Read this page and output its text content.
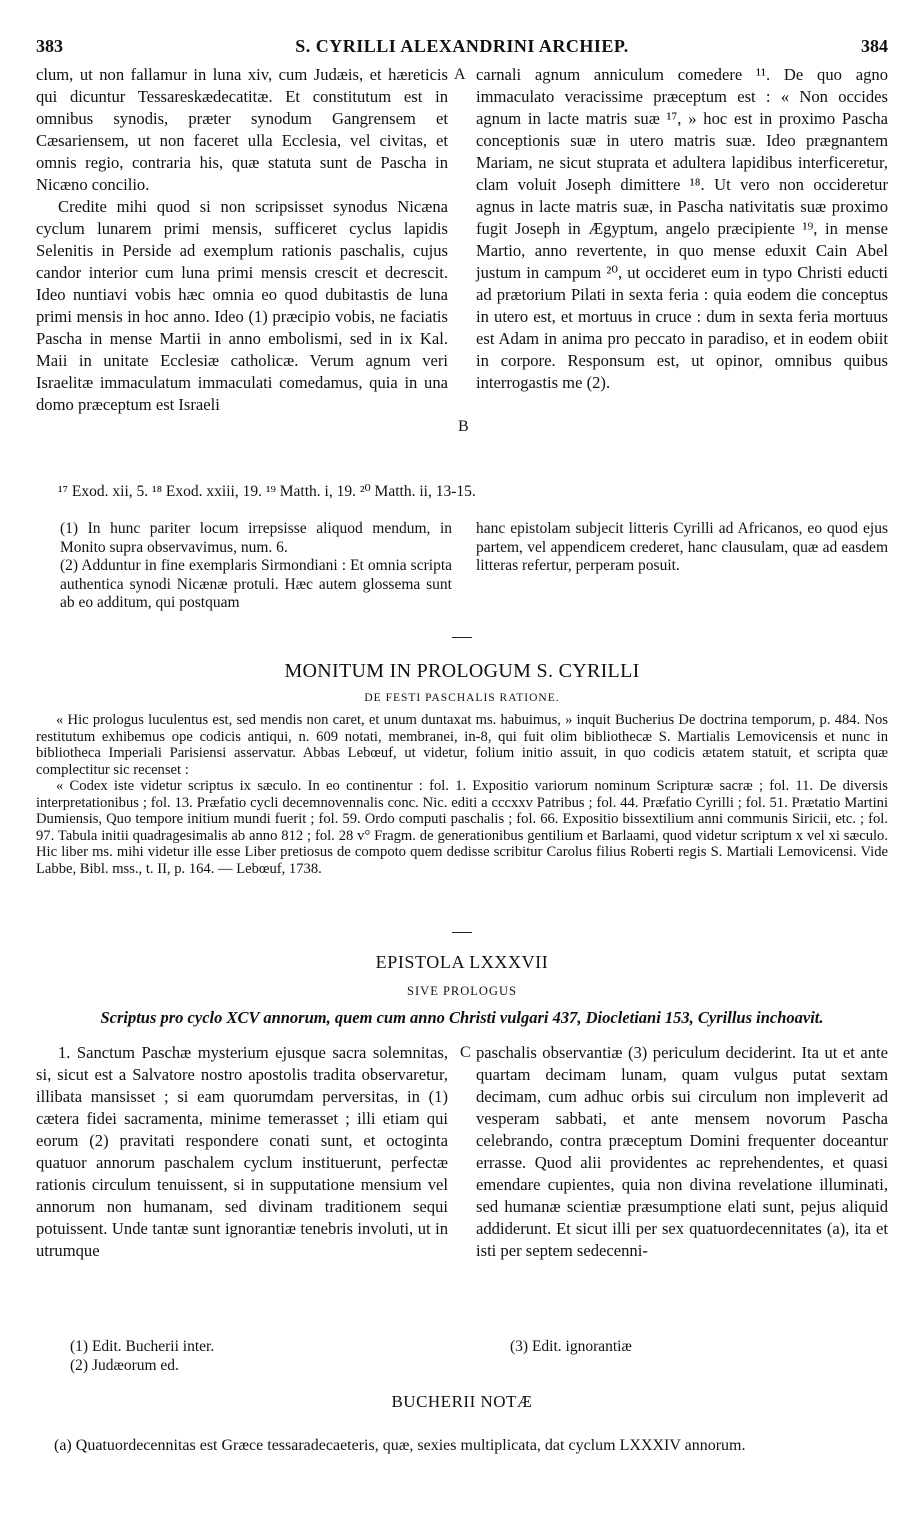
383	S. CYRILLI ALEXANDRINI ARCHIEP.	384

clum, ut non fallamur in luna xiv, cum Judæis, et hæreticis qui dicuntur Tessareskædecatitæ. Et constitutum est in omnibus synodis, præter synodum Gangrensem et Cæsariensem, ut non faceret ulla Ecclesia, vel civitas, et omnis regio, contraria his, quæ statuta sunt de Pascha in Nicæno concilio.

Credite mihi quod si non scripsisset synodus Nicæna cyclum lunarem primi mensis, sufficeret cyclus lapidis Selenitis in Perside ad exemplum rationis paschalis, cujus candor interior cum luna primi mensis crescit et decrescit. Ideo nuntiavi vobis hæc omnia eo quod dubitastis de luna primi mensis in hoc anno. Ideo (1) præcipio vobis, ne faciatis Pascha in mense Martii in anno embolismi, sed in ix Kal. Maii in unitate Ecclesiæ catholicæ. Verum agnum veri Israelitæ immaculatum immaculati comedamus, quia in una domo præceptum est Israeli

A
B

carnali agnum anniculum comedere ¹¹. De quo agno immaculato veracissime præceptum est : « Non occides agnum in lacte matris suæ ¹⁷, » hoc est in proximo Pascha conceptionis suæ in utero matris suæ. Ideo prægnantem Mariam, ne sicut stuprata et adultera lapidibus interficeretur, clam voluit Joseph dimittere ¹⁸. Ut vero non occideretur agnus in lacte matris suæ, in Pascha nativitatis suæ proximo fugit Joseph in Ægyptum, angelo præcipiente ¹⁹, in mense Martio, anno revertente, in quo mense eduxit Cain Abel justum in campum ²⁰, ut occideret eum in typo Christi educti ad prætorium Pilati in sexta feria : quia eodem die conceptus in utero est, et mortuus in cruce : dum in sexta feria mortuus est Adam in anima pro peccato in paradiso, et in eodem obiit in corpore. Responsum est, ut opinor, omnibus quibus interrogastis me (2).

¹⁷ Exod. xii, 5. ¹⁸ Exod. xxiii, 19. ¹⁹ Matth. i, 19. ²⁰ Matth. ii, 13-15.

(1) In hunc pariter locum irrepsisse aliquod mendum, in Monito supra observavimus, num. 6.

(2) Adduntur in fine exemplaris Sirmondiani : Et omnia scripta authentica synodi Nicænæ protuli. Hæc autem glossema sunt ab eo additum, qui postquam

hanc epistolam subjecit litteris Cyrilli ad Africanos, eo quod ejus partem, vel appendicem crederet, hanc clausulam, quæ ad easdem litteras refertur, perperam posuit.

MONITUM IN PROLOGUM S. CYRILLI
DE FESTI PASCHALIS RATIONE.

« Hic prologus luculentus est, sed mendis non caret, et unum duntaxat ms. habuimus, » inquit Bucherius De doctrina temporum, p. 484. Nos restitutum exhibemus ope codicis antiqui, n. 609 notati, membranei, in-8, qui fuit olim bibliothecæ S. Martialis Lemovicensis et nunc in bibliotheca Imperiali Parisiensi asservatur. Abbas Lebœuf, ut videtur, folium initio assuit, in quo codicis ætatem statuit, et scripta quæ complectitur sic recenset :

« Codex iste videtur scriptus ix sæculo. In eo continentur : fol. 1. Expositio variorum nominum Scripturæ sacræ ; fol. 11. De diversis interpretationibus ; fol. 13. Præfatio cycli decemnovennalis conc. Nic. editi a cccxxv Patribus ; fol. 44. Præfatio Cyrilli ; fol. 51. Prætatio Martini Dumiensis, Quo tempore initium mundi fuerit ; fol. 59. Ordo computi paschalis ; fol. 66. Expositio bissextilium anni communis Siricii, etc. ; fol. 97. Tabula initii quadragesimalis ab anno 812 ; fol. 28 v° Fragm. de generationibus gentilium et Barlaami, quod videtur scriptum x vel xi sæculo. Hic liber ms. mihi videtur ille esse Liber pretiosus de compoto quem dedisse scribitur Carolus filius Roberti regis S. Martiali Lemovicensi. Vide Labbe, Bibl. mss., t. II, p. 164. — Lebœuf, 1738.

EPISTOLA LXXXVII
SIVE PROLOGUS
Scriptus pro cyclo XCV annorum, quem cum anno Christi vulgari 437, Diocletiani 153, Cyrillus inchoavit.

1. Sanctum Paschæ mysterium ejusque sacra solemnitas, si, sicut est a Salvatore nostro apostolis tradita observaretur, illibata mansisset ; si eam quorumdam perversitas, in (1) cætera fidei sacramenta, minime temerasset ; illi etiam qui eorum (2) pravitati respondere conati sunt, et octoginta quatuor annorum paschalem cyclum instituerunt, perfectæ rationis circulum tenuissent, si in supputatione mensium vel annorum non humanam, sed divinam traditionem sequi potuissent. Unde tantæ sunt ignorantiæ tenebris involuti, ut in utrumque

C paschalis observantiæ (3) periculum deciderint. Ita ut et ante quartam decimam lunam, quam vulgus putat sextam decimam, cum adhuc orbis sui circulum non impleverit ad vesperam sabbati, et ante mensem novorum Pascha celebrando, contra præceptum Domini frequenter doceantur errasse. Quod alii providentes ac reprehendentes, et quasi emendare cupientes, quia non divina revelatione illuminati, sed humanæ scientiæ præsumptione elati sunt, pejus aliquid addiderunt. Et sicut illi per sex quatuordecennitates (a), ita et isti per septem sedecenni-

(1) Edit. Bucherii inter.

(2) Judæorum ed.

(3) Edit. ignorantiæ

BUCHERII NOTÆ

(a) Quatuordecennitas est Græce tessaradecaeteris, quæ, sexies multiplicata, dat cyclum LXXXIV annorum.
